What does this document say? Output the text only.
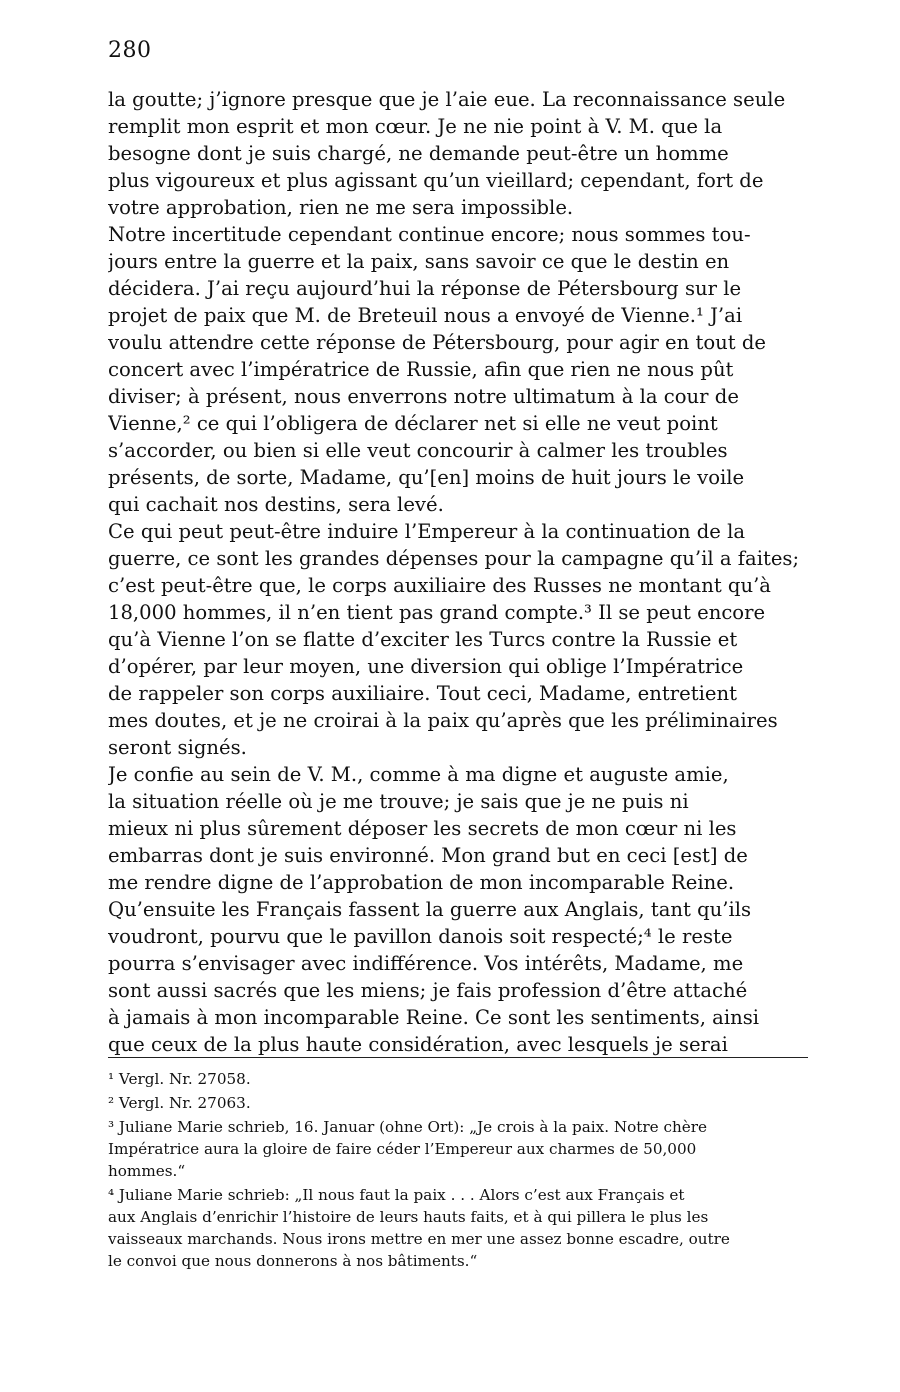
280
la goutte; j’ignore presque que je l’aie eue. La reconnaissance seule
remplit mon esprit et mon cœur. Je ne nie point à V. M. que la
besogne dont je suis chargé, ne demande peut-être un homme
plus vigoureux et plus agissant qu’un vieillard; cependant, fort de
votre approbation, rien ne me sera impossible.
Notre incertitude cependant continue encore; nous sommes tou-
jours entre la guerre et la paix, sans savoir ce que le destin en
décidera. J’ai reçu aujourd’hui la réponse de Pétersbourg sur le
projet de paix que M. de Breteuil nous a envoyé de Vienne.¹ J’ai
voulu attendre cette réponse de Pétersbourg, pour agir en tout de
concert avec l’impératrice de Russie, afin que rien ne nous pût
diviser; à présent, nous enverrons notre ultimatum à la cour de
Vienne,² ce qui l’obligera de déclarer net si elle ne veut point
s’accorder, ou bien si elle veut concourir à calmer les troubles
présents, de sorte, Madame, qu’[en] moins de huit jours le voile
qui cachait nos destins, sera levé.
Ce qui peut peut-être induire l’Empereur à la continuation de la
guerre, ce sont les grandes dépenses pour la campagne qu’il a faites;
c’est peut-être que, le corps auxiliaire des Russes ne montant qu’à
18,000 hommes, il n’en tient pas grand compte.³ Il se peut encore
qu’à Vienne l’on se flatte d’exciter les Turcs contre la Russie et
d’opérer, par leur moyen, une diversion qui oblige l’Impératrice
de rappeler son corps auxiliaire. Tout ceci, Madame, entretient
mes doutes, et je ne croirai à la paix qu’après que les préliminaires
seront signés.
Je confie au sein de V. M., comme à ma digne et auguste amie,
la situation réelle où je me trouve; je sais que je ne puis ni
mieux ni plus sûrement déposer les secrets de mon cœur ni les
embarras dont je suis environné. Mon grand but en ceci [est] de
me rendre digne de l’approbation de mon incomparable Reine.
Qu’ensuite les Français fassent la guerre aux Anglais, tant qu’ils
voudront, pourvu que le pavillon danois soit respecté;⁴ le reste
pourra s’envisager avec indifférence. Vos intérêts, Madame, me
sont aussi sacrés que les miens; je fais profession d’être attaché
à jamais à mon incomparable Reine. Ce sont les sentiments, ainsi
que ceux de la plus haute considération, avec lesquels je serai
¹ Vergl. Nr. 27058.
² Vergl. Nr. 27063.
³ Juliane Marie schrieb, 16. Januar (ohne Ort): „Je crois à la paix. Notre chère
Impératrice aura la gloire de faire céder l’Empereur aux charmes de 50,000
hommes.“
⁴ Juliane Marie schrieb: „Il nous faut la paix . . . Alors c’est aux Français et
aux Anglais d’enrichir l’histoire de leurs hauts faits, et à qui pillera le plus les
vaisseaux marchands. Nous irons mettre en mer une assez bonne escadre, outre
le convoi que nous donnerons à nos bâtiments.“
